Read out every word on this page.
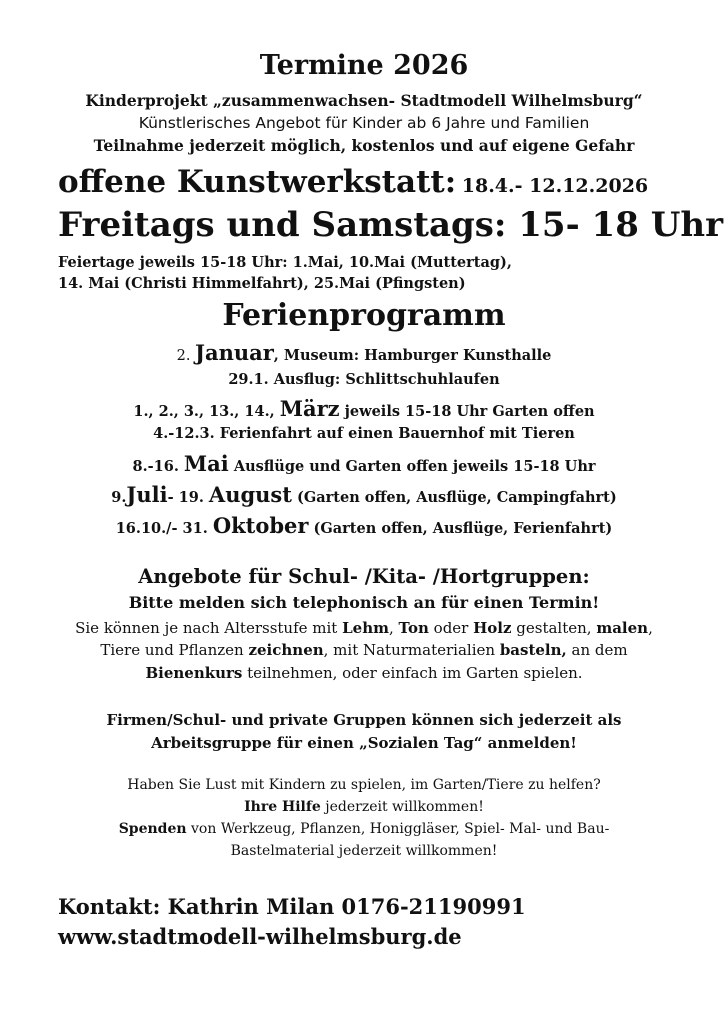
Termine 2026
Kinderprojekt „zusammenwachsen- Stadtmodell Wilhelmsburg“
Künstlerisches Angebot für Kinder ab 6 Jahre und Familien
Teilnahme jederzeit möglich, kostenlos und auf eigene Gefahr
offene Kunstwerkstatt: 18.4.- 12.12.2026
Freitags und Samstags: 15- 18 Uhr
Feiertage jeweils 15-18 Uhr: 1.Mai, 10.Mai (Muttertag),
14. Mai (Christi Himmelfahrt), 25.Mai (Pfingsten)
Ferienprogramm
2. Januar, Museum: Hamburger Kunsthalle
29.1. Ausflug: Schlittschuhlaufen
1., 2., 3., 13., 14., März jeweils 15-18 Uhr Garten offen
4.-12.3. Ferienfahrt auf einen Bauernhof mit Tieren
8.-16. Mai Ausflüge und Garten offen jeweils 15-18 Uhr
9.Juli- 19. August (Garten offen, Ausflüge, Campingfahrt)
16.10./- 31. Oktober (Garten offen, Ausflüge, Ferienfahrt)
Angebote für Schul- /Kita- /Hortgruppen:
Bitte melden sich telephonisch an für einen Termin!
Sie können je nach Altersstufe mit Lehm, Ton oder Holz gestalten, malen,
Tiere und Pflanzen zeichnen, mit Naturmaterialien basteln, an dem
Bienenkurs teilnehmen, oder einfach im Garten spielen.
Firmen/Schul- und private Gruppen können sich jederzeit als
Arbeitsgruppe für einen „Sozialen Tag“ anmelden!
Haben Sie Lust mit Kindern zu spielen, im Garten/Tiere zu helfen?
Ihre Hilfe jederzeit willkommen!
Spenden von Werkzeug, Pflanzen, Honiggläser, Spiel- Mal- und Bau-
Bastelmaterial jederzeit willkommen!
Kontakt: Kathrin Milan 0176-21190991
www.stadtmodell-wilhelmsburg.de
